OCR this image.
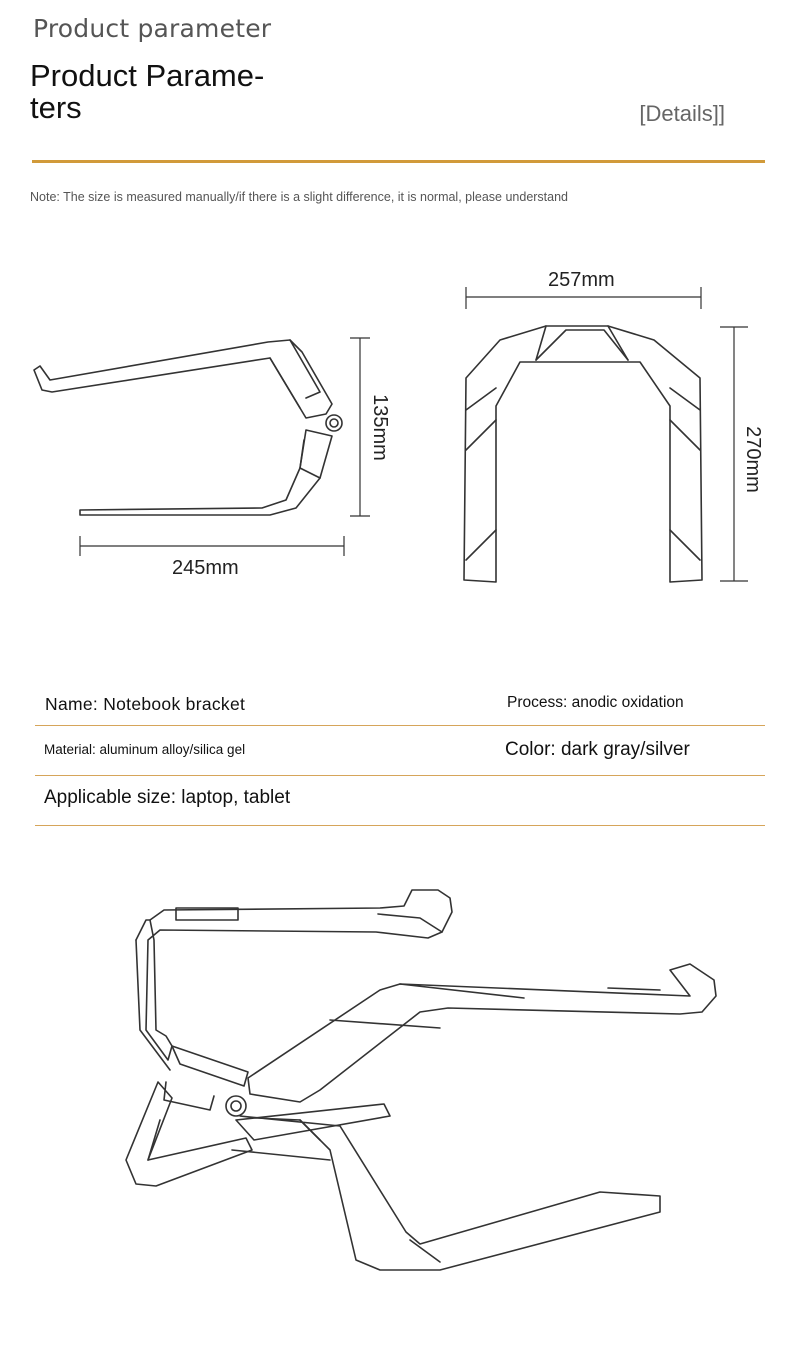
Product parameter
Product Parame-
ters	[Details]]
Note: The size is measured manually/if there is a slight difference, it is normal, please understand
135mm
245mm
257mm
270mm
Name: Notebook bracket	Process: anodic oxidation
Material: aluminum alloy/silica gel	Color: dark gray/silver
Applicable size: laptop, tablet
